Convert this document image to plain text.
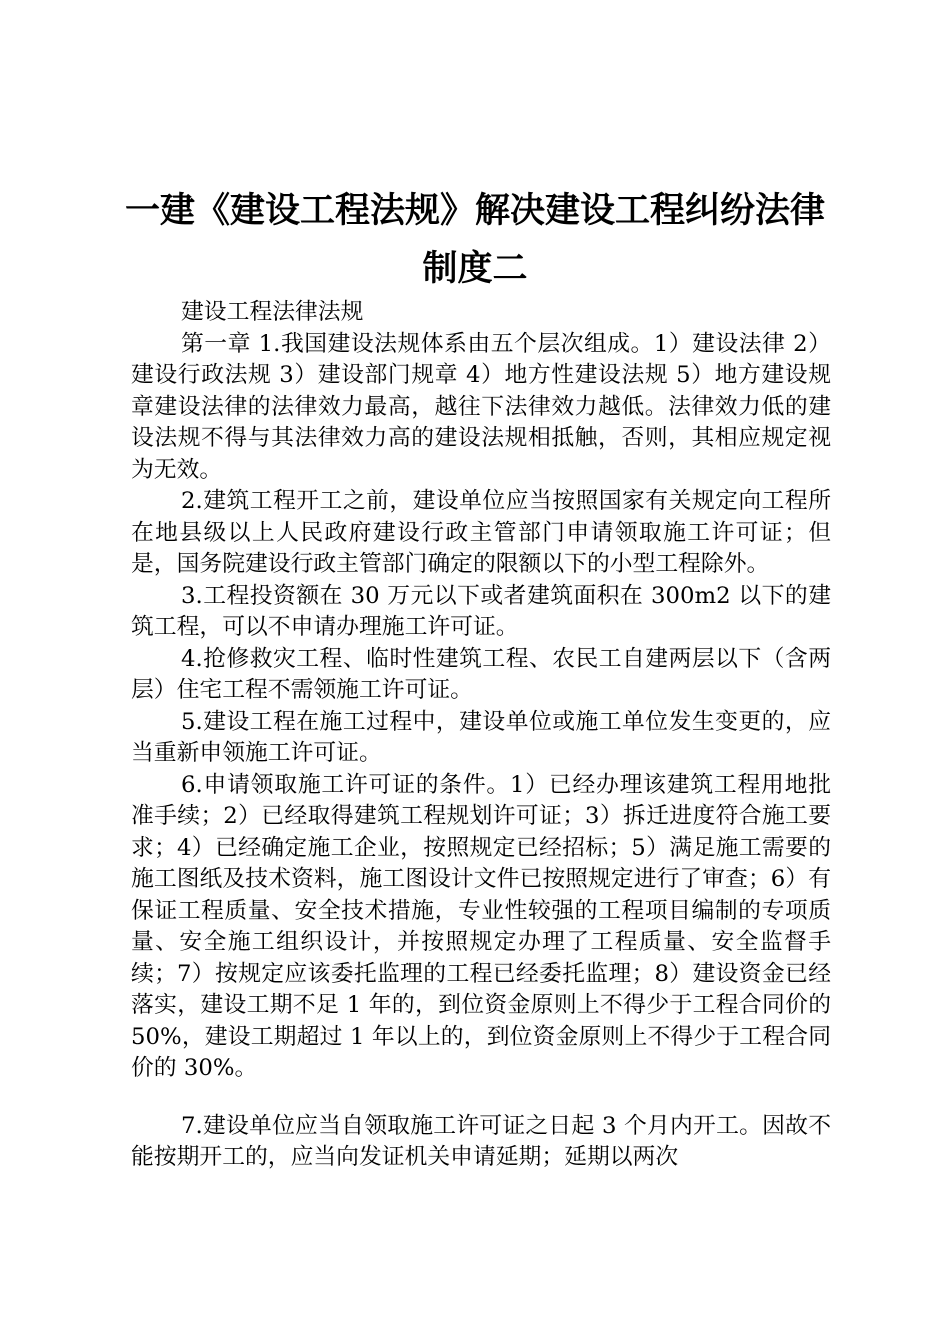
一建《建设工程法规》解决建设工程纠纷法律
制度二

建设工程法律法规

第一章 1.我国建设法规体系由五个层次组成。1）建设法律 2）建设行政法规 3）建设部门规章 4）地方性建设法规 5）地方建设规章建设法律的法律效力最高，越往下法律效力越低。法律效力低的建设法规不得与其法律效力高的建设法规相抵触，否则，其相应规定视为无效。

2.建筑工程开工之前，建设单位应当按照国家有关规定向工程所在地县级以上人民政府建设行政主管部门申请领取施工许可证；但是，国务院建设行政主管部门确定的限额以下的小型工程除外。

3.工程投资额在 30 万元以下或者建筑面积在 300m2 以下的建筑工程，可以不申请办理施工许可证。

4.抢修救灾工程、临时性建筑工程、农民工自建两层以下（含两层）住宅工程不需领施工许可证。

5.建设工程在施工过程中，建设单位或施工单位发生变更的，应当重新申领施工许可证。

6.申请领取施工许可证的条件。1）已经办理该建筑工程用地批准手续；2）已经取得建筑工程规划许可证；3）拆迁进度符合施工要求；4）已经确定施工企业，按照规定已经招标；5）满足施工需要的施工图纸及技术资料，施工图设计文件已按照规定进行了审查；6）有保证工程质量、安全技术措施，专业性较强的工程项目编制的专项质量、安全施工组织设计，并按照规定办理了工程质量、安全监督手续；7）按规定应该委托监理的工程已经委托监理；8）建设资金已经落实，建设工期不足 1 年的，到位资金原则上不得少于工程合同价的 50%，建设工期超过 1 年以上的，到位资金原则上不得少于工程合同价的 30%。

7.建设单位应当自领取施工许可证之日起 3 个月内开工。因故不能按期开工的，应当向发证机关申请延期；延期以两次
